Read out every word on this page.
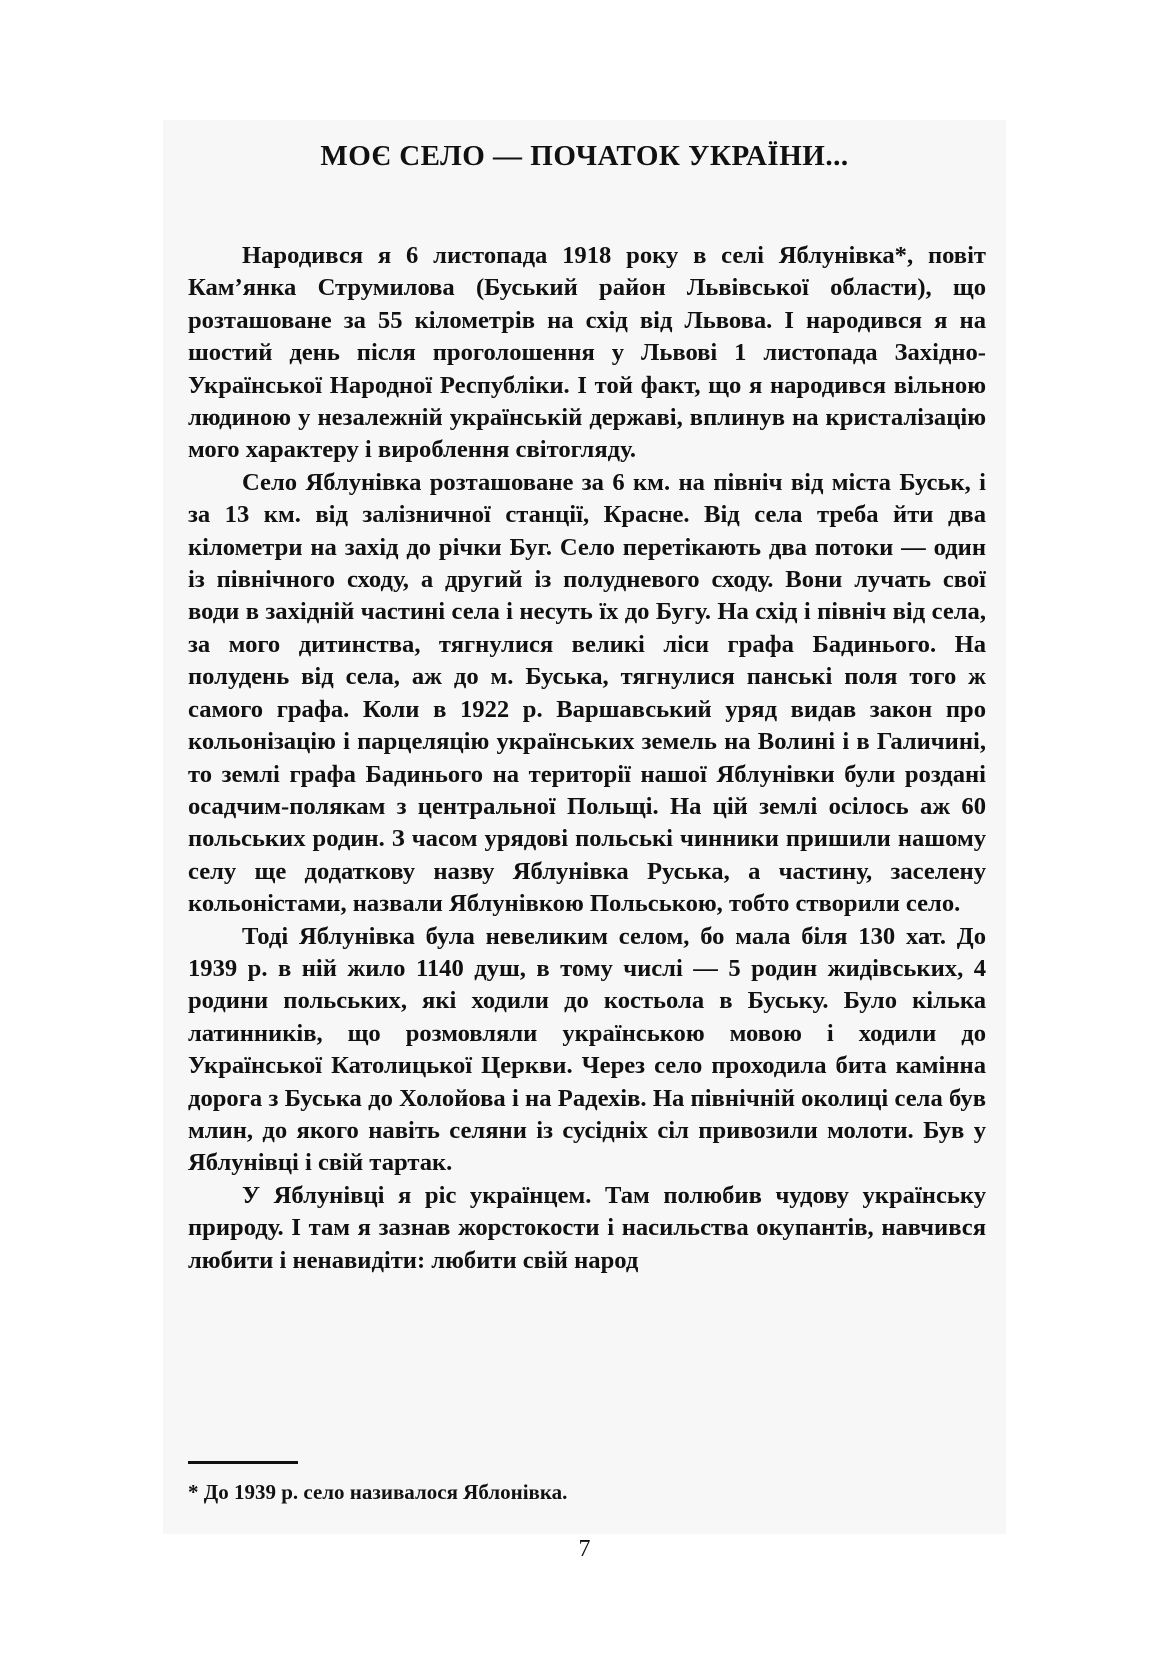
МОЄ СЕЛО — ПОЧАТОК УКРАЇНИ...

Народився я 6 листопада 1918 року в селі Яблунівка*, повіт Кам’янка Струмилова (Буський район Львівської области), що розташоване за 55 кілометрів на схід від Львова. І народився я на шостий день після проголошення у Львові 1 листопада Західно-Української Народної Республіки. І той факт, що я народився вільною людиною у незалежній українській державі, вплинув на кристалізацію мого характеру і вироблення світогляду.

Село Яблунівка розташоване за 6 км. на північ від міста Буськ, і за 13 км. від залізничної станції, Красне. Від села треба йти два кілометри на захід до річки Буг. Село перетікають два потоки — один із північного сходу, а другий із полудневого сходу. Вони лучать свої води в західній частині села і несуть їх до Бугу. На схід і північ від села, за мого дитинства, тягнулися великі ліси графа Бадинього. На полудень від села, аж до м. Буська, тягнулися панські поля того ж самого графа. Коли в 1922 р. Варшавський уряд видав закон про кольонізацію і парцеляцію українських земель на Волині і в Галичині, то землі графа Бадинього на території нашої Яблунівки були роздані осадчим-полякам з центральної Польщі. На цій землі осілось аж 60 польських родин. З часом урядові польські чинники пришили нашому селу ще додаткову назву Яблунівка Руська, а частину, заселену кольоністами, назвали Яблунівкою Польською, тобто створили село.

Тоді Яблунівка була невеликим селом, бо мала біля 130 хат. До 1939 р. в ній жило 1140 душ, в тому числі — 5 родин жидівських, 4 родини польських, які ходили до костьола в Буську. Було кілька латинників, що розмовляли українською мовою і ходили до Української Католицької Церкви. Через село проходила бита камінна дорога з Буська до Холойова і на Радехів. На північній околиці села був млин, до якого навіть селяни із сусідніх сіл привозили молоти. Був у Яблунівці і свій тартак.

У Яблунівці я ріс українцем. Там полюбив чудову українську природу. І там я зазнав жорстокости і насильства окупантів, навчився любити і ненавидіти: любити свій народ

* До 1939 р. село називалося Яблонівка.

7
